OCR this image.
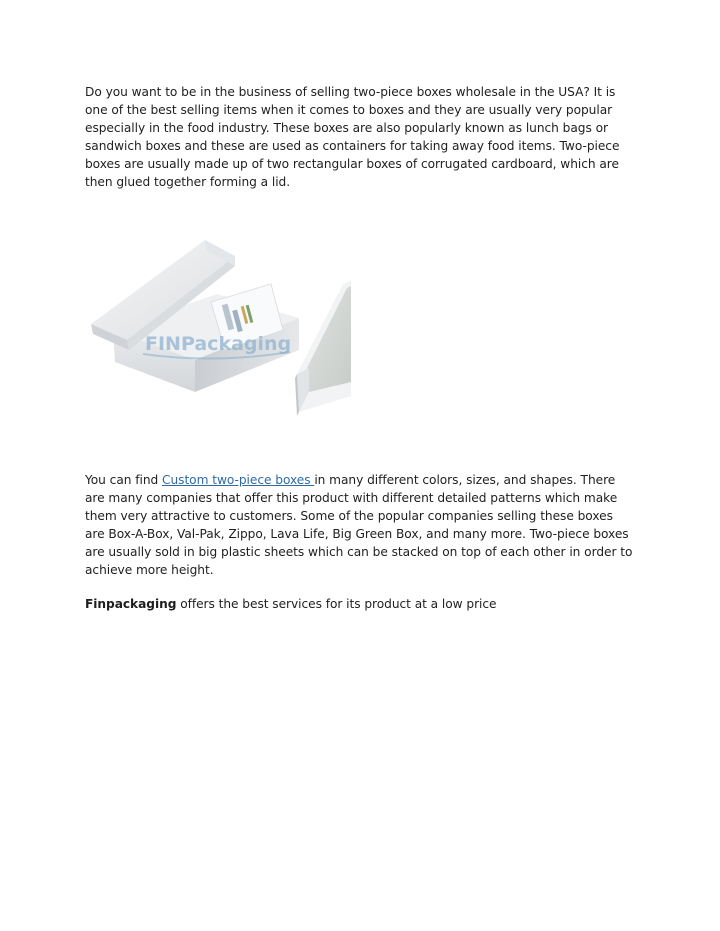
Do you want to be in the business of selling two-piece boxes wholesale in the USA? It is one of the best selling items when it comes to boxes and they are usually very popular especially in the food industry. These boxes are also popularly known as lunch bags or sandwich boxes and these are used as containers for taking away food items. Two-piece boxes are usually made up of two rectangular boxes of corrugated cardboard, which are then glued together forming a lid.

FINPackaging

You can find Custom two-piece boxes in many different colors, sizes, and shapes. There are many companies that offer this product with different detailed patterns which make them very attractive to customers. Some of the popular companies selling these boxes are Box-A-Box, Val-Pak, Zippo, Lava Life, Big Green Box, and many more. Two-piece boxes are usually sold in big plastic sheets which can be stacked on top of each other in order to achieve more height.

Finpackaging offers the best services for its product at a low price
